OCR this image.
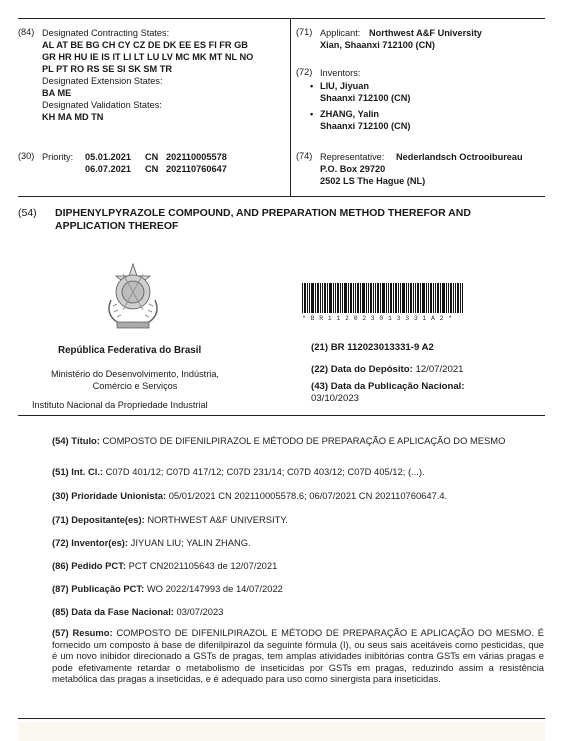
(84) Designated Contracting States:
AL AT BE BG CH CY CZ DE DK EE ES FI FR GB
GR HR HU IE IS IT LI LT LU LV MC MK MT NL NO
PL PT RO RS SE SI SK SM TR
Designated Extension States:
BA ME
Designated Validation States:
KH MA MD TN
(30) Priority: 05.01.2021 CN 202110005578
06.07.2021 CN 202110760647
(71) Applicant: Northwest A&F University
Xian, Shaanxi 712100 (CN)
(72) Inventors:
• LIU, Jiyuan
Shaanxi 712100 (CN)
• ZHANG, Yalin
Shaanxi 712100 (CN)
(74) Representative: Nederlandsch Octrooibureau
P.O. Box 29720
2502 LS The Hague (NL)
(54) DIPHENYLPYRAZOLE COMPOUND, AND PREPARATION METHOD THEREFOR AND
APPLICATION THEREOF
* B R 1 1 2 0 2 3 0 1 3 3 3 1 A 2 *
República Federativa do Brasil
Ministério do Desenvolvimento, Indústria,
Comércio e Serviços
Instituto Nacional da Propriedade Industrial
(21) BR 112023013331-9 A2
(22) Data do Depósito: 12/07/2021
(43) Data da Publicação Nacional:
03/10/2023
(54) Título: COMPOSTO DE DIFENILPIRAZOL E MÉTODO DE PREPARAÇÃO E APLICAÇÃO DO MESMO
(51) Int. Cl.: C07D 401/12; C07D 417/12; C07D 231/14; C07D 403/12; C07D 405/12; (...).
(30) Prioridade Unionista: 05/01/2021 CN 202110005578.6; 06/07/2021 CN 202110760647.4.
(71) Depositante(es): NORTHWEST A&F UNIVERSITY.
(72) Inventor(es): JIYUAN LIU; YALIN ZHANG.
(86) Pedido PCT: PCT CN2021105643 de 12/07/2021
(87) Publicação PCT: WO 2022/147993 de 14/07/2022
(85) Data da Fase Nacional: 03/07/2023
(57) Resumo: COMPOSTO DE DIFENILPIRAZOL E MÉTODO DE PREPARAÇÃO E APLICAÇÃO DO MESMO. É fornecido um composto à base de difenilpirazol da seguinte fórmula (I), ou seus sais aceitáveis como pesticidas, que é um novo inibidor direcionado a GSTs de pragas, tem amplas atividades inibitórias contra GSTs em várias pragas e pode efetivamente retardar o metabolismo de inseticidas por GSTs em pragas, reduzindo assim a resistência metabólica das pragas a inseticidas, e é adequado para uso como sinergista para inseticidas.
